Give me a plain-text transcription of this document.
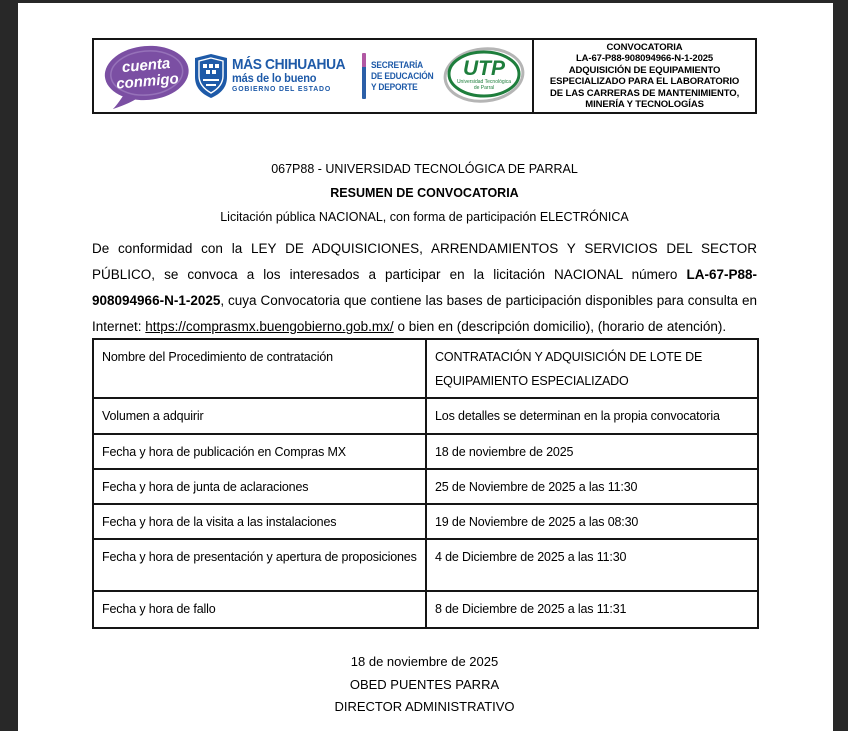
cuenta
conmigo
MÁS CHIHUAHUA
más de lo bueno
GOBIERNO DEL ESTADO
SECRETARÍA
DE EDUCACIÓN
Y DEPORTE
UTP
Universidad Tecnológica
de Parral
CONVOCATORIA
LA-67-P88-908094966-N-1-2025
ADQUISICIÓN DE EQUIPAMIENTO
ESPECIALIZADO PARA EL LABORATORIO
DE LAS CARRERAS DE MANTENIMIENTO,
MINERÍA Y TECNOLOGÍAS
067P88 - UNIVERSIDAD TECNOLÓGICA DE PARRAL
RESUMEN DE CONVOCATORIA
Licitación pública NACIONAL, con forma de participación ELECTRÓNICA
De conformidad con la LEY DE ADQUISICIONES, ARRENDAMIENTOS Y SERVICIOS DEL SECTOR PÚBLICO, se convoca a los interesados a participar en la licitación NACIONAL número LA-67-P88-908094966-N-1-2025, cuya Convocatoria que contiene las bases de participación disponibles para consulta en Internet: https://comprasmx.buengobierno.gob.mx/ o bien en (descripción domicilio), (horario de atención).
Nombre del Procedimiento de contratación	CONTRATACIÓN Y ADQUISICIÓN DE LOTE DE EQUIPAMIENTO ESPECIALIZADO
Volumen a adquirir	Los detalles se determinan en la propia convocatoria
Fecha y hora de publicación en Compras MX	18 de noviembre de 2025
Fecha y hora de junta de aclaraciones	25 de Noviembre de 2025 a las 11:30
Fecha y hora de la visita a las instalaciones	19 de Noviembre de 2025 a las 08:30
Fecha y hora de presentación y apertura de proposiciones	4 de Diciembre de 2025 a las 11:30
Fecha y hora de fallo	8 de Diciembre de 2025 a las 11:31
18 de noviembre de 2025
OBED PUENTES PARRA
DIRECTOR ADMINISTRATIVO
